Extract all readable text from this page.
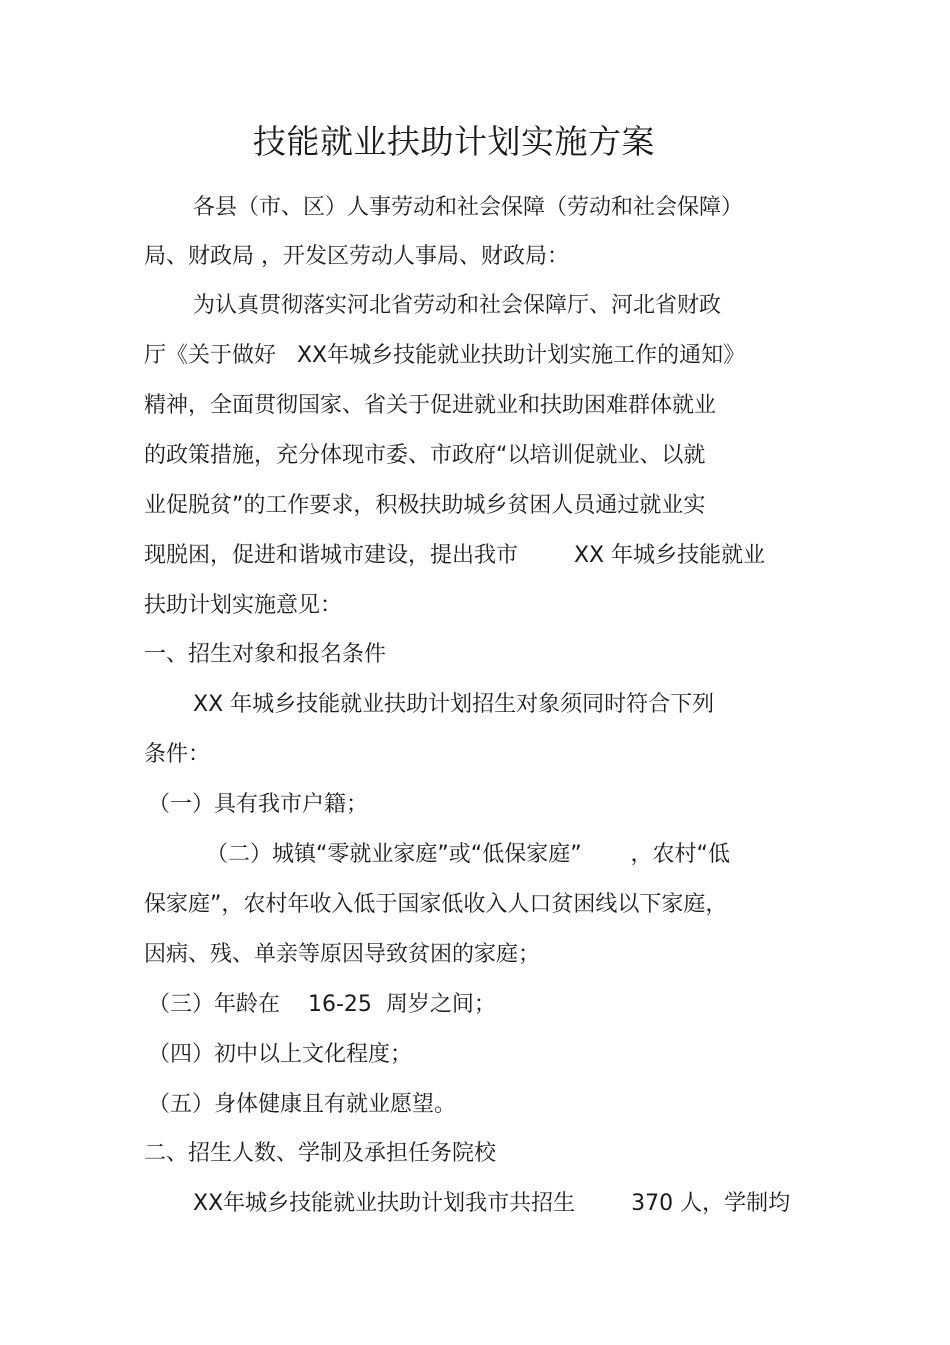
技能就业扶助计划实施方案
各县（市、区）人事劳动和社会保障（劳动和社会保障）
局、财政局 ，开发区劳动人事局、财政局：
为认真贯彻落实河北省劳动和社会保障厅、河北省财政
厅《关于做好   XX年城乡技能就业扶助计划实施工作的通知》
精神，全面贯彻国家、省关于促进就业和扶助困难群体就业
的政策措施，充分体现市委、市政府“以培训促就业、以就
业促脱贫”的工作要求，积极扶助城乡贫困人员通过就业实
现脱困，促进和谐城市建设，提出我市        XX 年城乡技能就业
扶助计划实施意见：
一、招生对象和报名条件
XX 年城乡技能就业扶助计划招生对象须同时符合下列
条件：
（一）具有我市户籍；
（二）城镇“零就业家庭”或“低保家庭”       ，农村“低
保家庭”，农村年收入低于国家低收入人口贫困线以下家庭，
因病、残、单亲等原因导致贫困的家庭；
（三）年龄在    16-25  周岁之间；
（四）初中以上文化程度；
（五）身体健康且有就业愿望。
二、招生人数、学制及承担任务院校
XX年城乡技能就业扶助计划我市共招生        370 人，学制均
